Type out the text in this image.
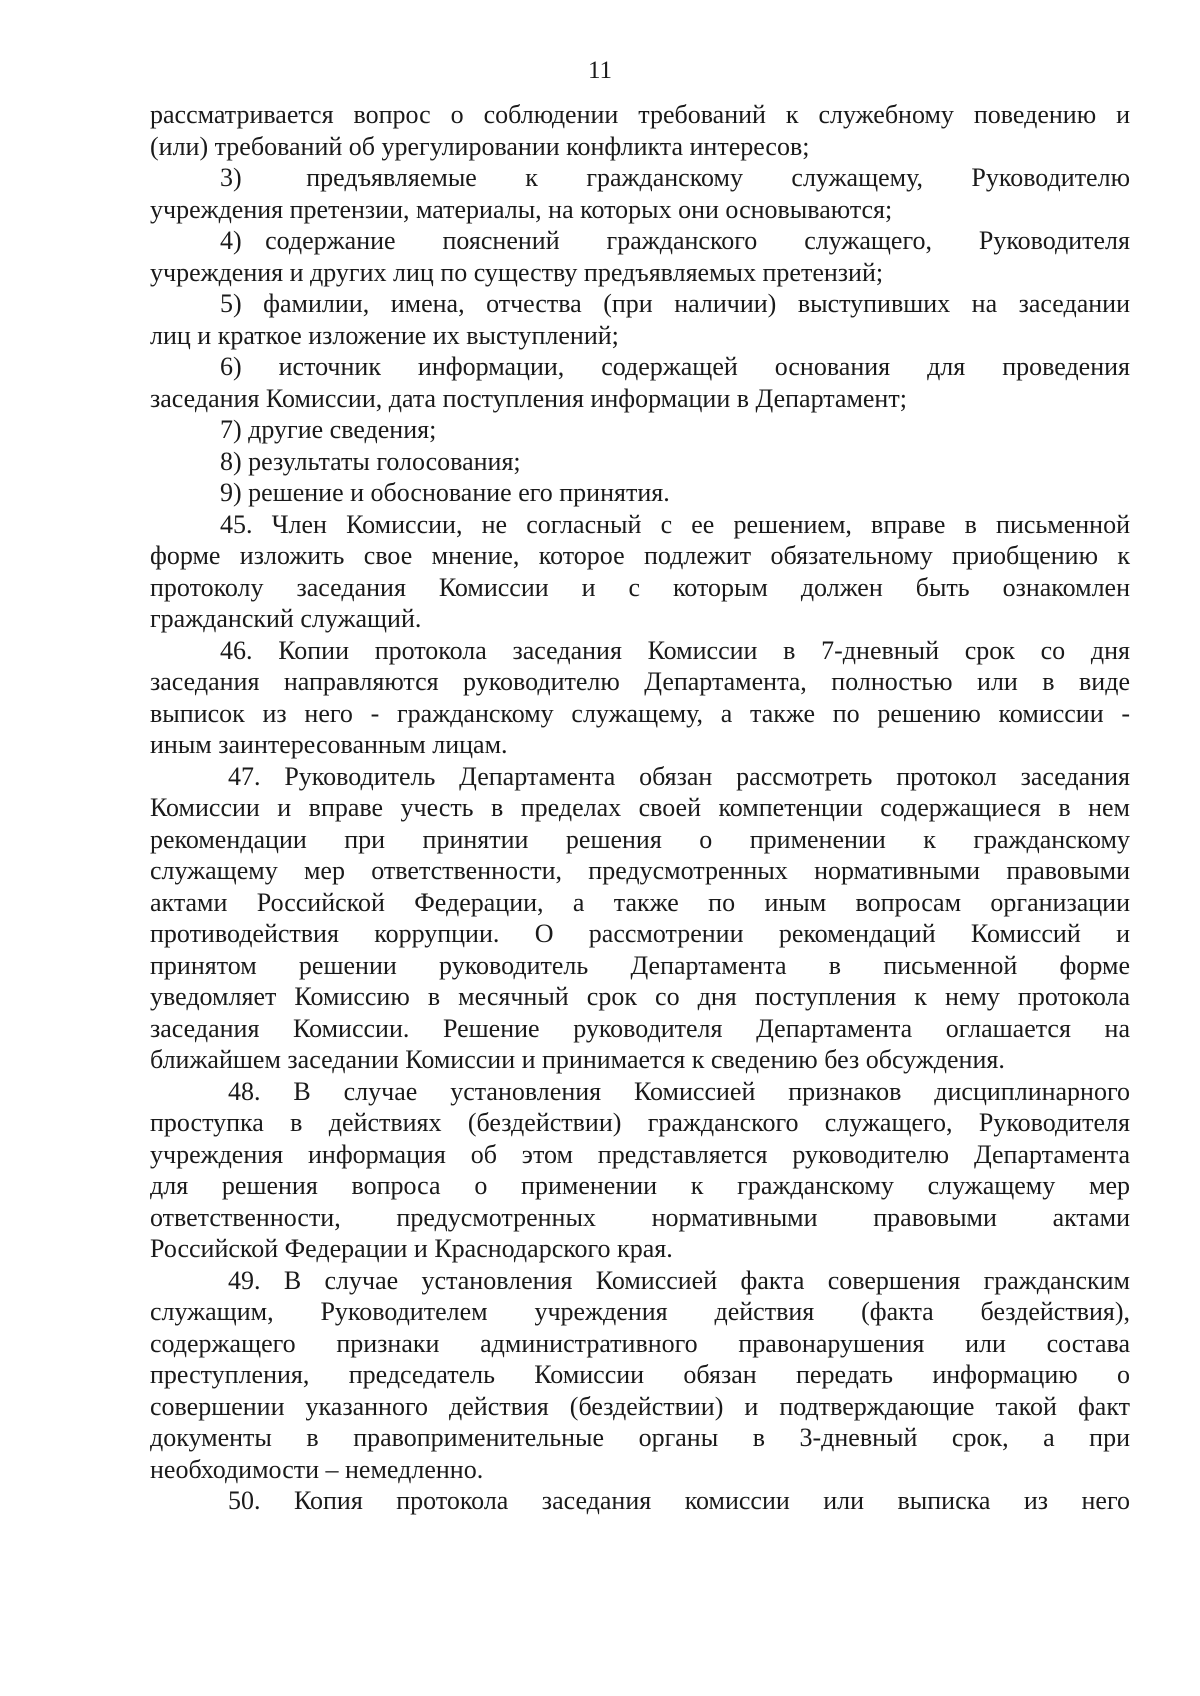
11
рассматривается вопрос о соблюдении требований к служебному поведению и
(или) требований об урегулировании конфликта интересов;
3)    предъявляемые   к   гражданскому   служащему,   Руководителю
учреждения претензии, материалы, на которых они основываются;
4) содержание  пояснений  гражданского  служащего,  Руководителя
учреждения и других лиц по существу предъявляемых претензий;
5) фамилии, имена, отчества (при наличии) выступивших на заседании
лиц и краткое изложение их выступлений;
6) источник информации, содержащей основания для проведения
заседания Комиссии, дата поступления информации в Департамент;
7) другие сведения;
8) результаты голосования;
9) решение и обоснование его принятия.
45. Член Комиссии, не согласный с ее решением, вправе в письменной
форме изложить свое мнение, которое подлежит обязательному приобщению к
протоколу заседания Комиссии и с которым должен быть ознакомлен
гражданский служащий.
46. Копии протокола заседания Комиссии в 7-дневный срок со дня
заседания направляются руководителю Департамента, полностью или в виде
выписок из него - гражданскому служащему, а также по решению комиссии -
иным заинтересованным лицам.
47. Руководитель Департамента обязан рассмотреть протокол заседания
Комиссии и вправе учесть в пределах своей компетенции содержащиеся в нем
рекомендации при принятии решения о применении к гражданскому
служащему мер ответственности, предусмотренных нормативными правовыми
актами Российской Федерации, а также по иным вопросам организации
противодействия коррупции. О рассмотрении рекомендаций Комиссий и
принятом решении руководитель Департамента в письменной форме
уведомляет Комиссию в месячный срок со дня поступления к нему протокола
заседания Комиссии. Решение руководителя Департамента оглашается на
ближайшем заседании Комиссии и принимается к сведению без обсуждения.
48. В случае установления Комиссией признаков дисциплинарного
проступка в действиях (бездействии) гражданского служащего, Руководителя
учреждения информация об этом представляется руководителю Департамента
для решения вопроса о применении к гражданскому служащему мер
ответственности, предусмотренных нормативными правовыми актами
Российской Федерации и Краснодарского края.
49. В случае установления Комиссией факта совершения гражданским
служащим, Руководителем учреждения действия (факта бездействия),
содержащего признаки административного правонарушения или состава
преступления, председатель Комиссии обязан передать информацию о
совершении указанного действия (бездействии) и подтверждающие такой факт
документы в правоприменительные органы в 3-дневный срок, а при
необходимости – немедленно.
50. Копия протокола заседания комиссии или выписка из него
